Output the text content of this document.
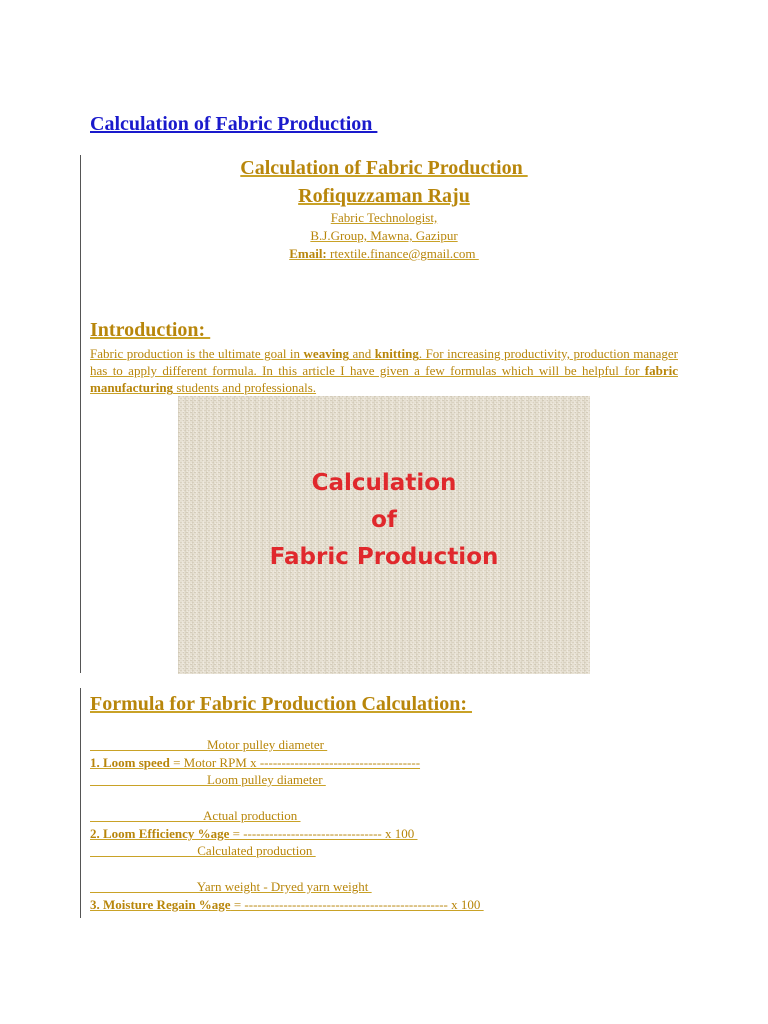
Calculation of Fabric Production
Calculation of Fabric Production
Rofiquzzaman Raju
Fabric Technologist,
B.J.Group, Mawna, Gazipur
Email: rtextile.finance@gmail.com
Introduction:
Fabric production is the ultimate goal in weaving and knitting. For increasing productivity, production manager has to apply different formula. In this article I have given a few formulas which will be helpful for fabric manufacturing students and professionals.
Calculation
of
Fabric Production
Formula for Fabric Production Calculation:
Motor pulley diameter
1. Loom speed = Motor RPM x -------------------------------------
Loom pulley diameter
Actual production
2. Loom Efficiency %age = -------------------------------- x 100
Calculated production
Yarn weight - Dryed yarn weight
3. Moisture Regain %age = ----------------------------------------------- x 100
